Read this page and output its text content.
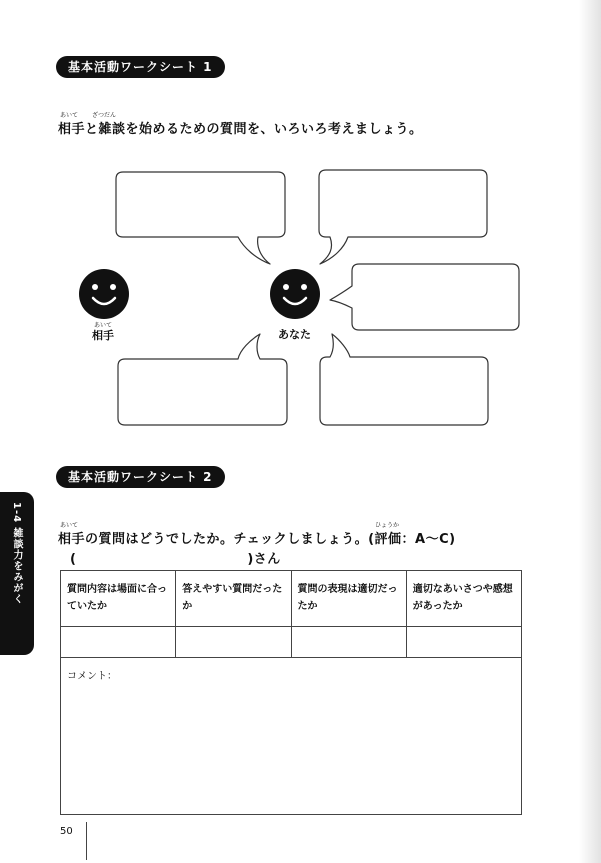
基本活動ワークシート 1
あいて ざつだん
相手と雑談を始めるための質問を、いろいろ考えましょう。
あいて
相手	あなた
基本活動ワークシート 2
あいて	ひょうか
相手の質問はどうでしたか。チェックしましょう。(評価：A～C)
(                                  )さん
質問内容は場面に合っていたか	答えやすい質問だったか	質問の表現は適切だったか	適切なあいさつや感想があったか

コメント：			
1-4 雑談力をみがく
50
